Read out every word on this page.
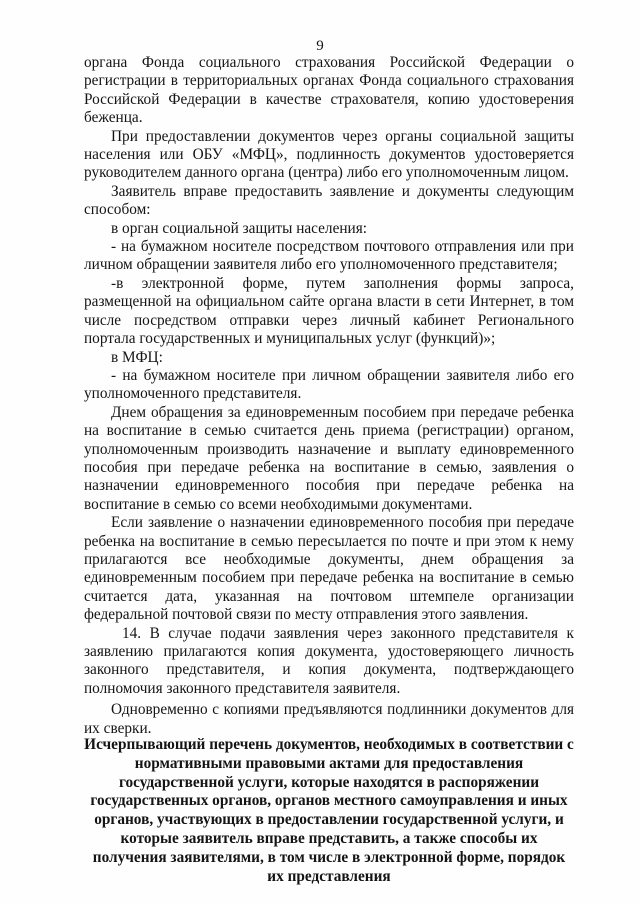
9

органа Фонда социального страхования Российской Федерации о регистрации в территориальных органах Фонда социального страхования Российской Федерации в качестве страхователя, копию удостоверения беженца.

При предоставлении документов через органы социальной защиты населения или ОБУ «МФЦ», подлинность документов удостоверяется руководителем данного органа (центра) либо его уполномоченным лицом.

Заявитель вправе предоставить заявление и документы следующим способом:

в орган социальной защиты населения:

- на бумажном носителе посредством почтового отправления или при личном обращении заявителя либо его уполномоченного представителя;

-в электронной форме, путем заполнения формы запроса, размещенной на официальном сайте органа власти в сети Интернет, в том числе посредством отправки через личный кабинет Регионального портала государственных и муниципальных услуг (функций)»;

в МФЦ:

- на бумажном носителе при личном обращении заявителя либо его уполномоченного представителя.

Днем обращения за единовременным пособием при передаче ребенка на воспитание в семью считается день приема (регистрации) органом, уполномоченным производить назначение и выплату единовременного пособия при передаче ребенка на воспитание в семью, заявления о назначении единовременного пособия при передаче ребенка на воспитание в семью со всеми необходимыми документами.

Если заявление о назначении единовременного пособия при передаче ребенка на воспитание в семью пересылается по почте и при этом к нему прилагаются все необходимые документы, днем обращения за единовременным пособием при передаче ребенка на воспитание в семью считается дата, указанная на почтовом штемпеле организации федеральной почтовой связи по месту отправления этого заявления.

14. В случае подачи заявления через законного представителя к заявлению прилагаются копия документа, удостоверяющего личность законного представителя, и копия документа, подтверждающего полномочия законного представителя заявителя.

Одновременно с копиями предъявляются подлинники документов для их сверки.

Исчерпывающий перечень документов, необходимых в соответствии с нормативными правовыми актами для предоставления государственной услуги, которые находятся в распоряжении государственных органов, органов местного самоуправления и иных органов, участвующих в предоставлении государственной услуги, и которые заявитель вправе представить, а также способы их получения заявителями, в том числе в электронной форме, порядок их представления
